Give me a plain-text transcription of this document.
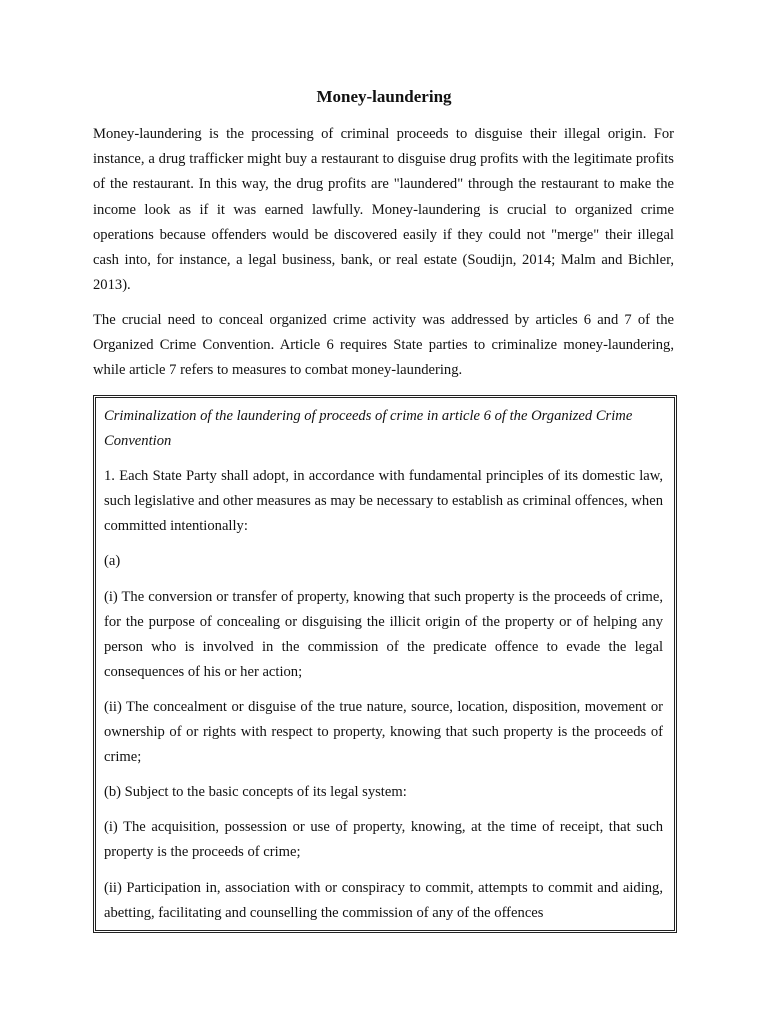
Money-laundering

Money-laundering is the processing of criminal proceeds to disguise their illegal origin. For instance, a drug trafficker might buy a restaurant to disguise drug profits with the legitimate profits of the restaurant. In this way, the drug profits are "laundered" through the restaurant to make the income look as if it was earned lawfully. Money-laundering is crucial to organized crime operations because offenders would be discovered easily if they could not "merge" their illegal cash into, for instance, a legal business, bank, or real estate (Soudijn, 2014; Malm and Bichler, 2013).

The crucial need to conceal organized crime activity was addressed by articles 6 and 7 of the Organized Crime Convention. Article 6 requires State parties to criminalize money-laundering, while article 7 refers to measures to combat money-laundering.

Criminalization of the laundering of proceeds of crime in article 6 of the Organized Crime Convention

1. Each State Party shall adopt, in accordance with fundamental principles of its domestic law, such legislative and other measures as may be necessary to establish as criminal offences, when committed intentionally:

(a)

(i) The conversion or transfer of property, knowing that such property is the proceeds of crime, for the purpose of concealing or disguising the illicit origin of the property or of helping any person who is involved in the commission of the predicate offence to evade the legal consequences of his or her action;

(ii) The concealment or disguise of the true nature, source, location, disposition, movement or ownership of or rights with respect to property, knowing that such property is the proceeds of crime;

(b) Subject to the basic concepts of its legal system:

(i) The acquisition, possession or use of property, knowing, at the time of receipt, that such property is the proceeds of crime;

(ii) Participation in, association with or conspiracy to commit, attempts to commit and aiding, abetting, facilitating and counselling the commission of any of the offences
